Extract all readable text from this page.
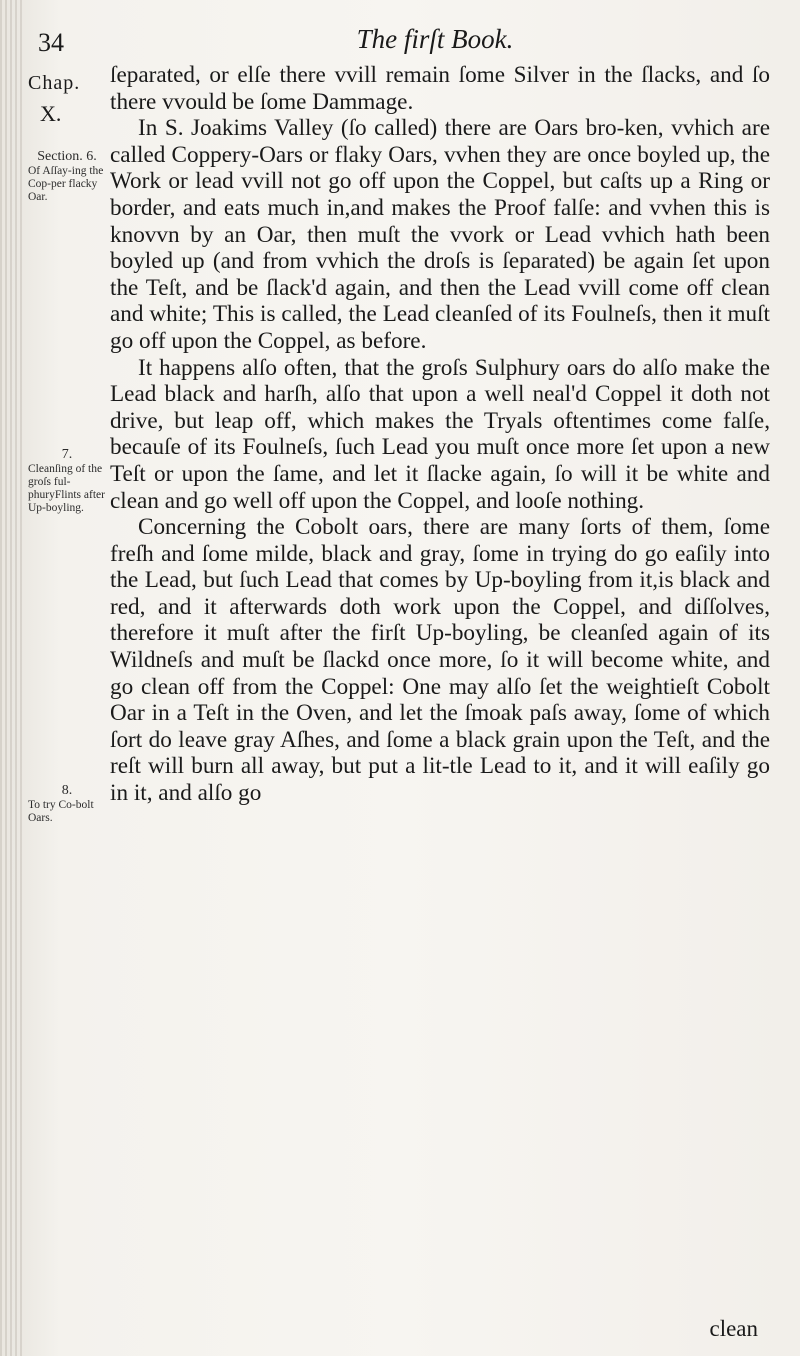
34	The firſt Book.
Chap.
X.
Section. 6.
Of Aſſay-ing the Cop-per flacky Oar.
7.
Cleanſing of the groſs ful-phuryFlints after Up-boyling.
8.
To try Co-bolt Oars.

ſeparated, or elſe there vvill remain ſome Silver in the ſlacks, and ſo there vvould be ſome Dammage.

In S. Joakims Valley (ſo called) there are Oars bro-ken, vvhich are called Coppery-Oars or flaky Oars, vvhen they are once boyled up, the Work or lead vvill not go off upon the Coppel, but caſts up a Ring or border, and eats much in,and makes the Proof falſe: and vvhen this is knovvn by an Oar, then muſt the vvork or Lead vvhich hath been boyled up (and from vvhich the droſs is ſeparated) be again ſet upon the Teſt, and be ſlack'd again, and then the Lead vvill come off clean and white; This is called, the Lead cleanſed of its Foulneſs, then it muſt go off upon the Coppel, as before.

It happens alſo often, that the groſs Sulphury oars do alſo make the Lead black and harſh, alſo that upon a well neal'd Coppel it doth not drive, but leap off, which makes the Tryals oftentimes come falſe, becauſe of its Foulneſs, ſuch Lead you muſt once more ſet upon a new Teſt or upon the ſame, and let it ſlacke again, ſo will it be white and clean and go well off upon the Coppel, and looſe nothing.

Concerning the Cobolt oars, there are many ſorts of them, ſome freſh and ſome milde, black and gray, ſome in trying do go eaſily into the Lead, but ſuch Lead that comes by Up-boyling from it,is black and red, and it afterwards doth work upon the Coppel, and diſſolves, therefore it muſt after the firſt Up-boyling, be cleanſed again of its Wildneſs and muſt be ſlackd once more, ſo it will become white, and go clean off from the Coppel: One may alſo ſet the weightieſt Cobolt Oar in a Teſt in the Oven, and let the ſmoak paſs away, ſome of which ſort do leave gray Aſhes, and ſome a black grain upon the Teſt, and the reſt will burn all away, but put a lit-tle Lead to it, and it will eaſily go in it, and alſo go

clean
